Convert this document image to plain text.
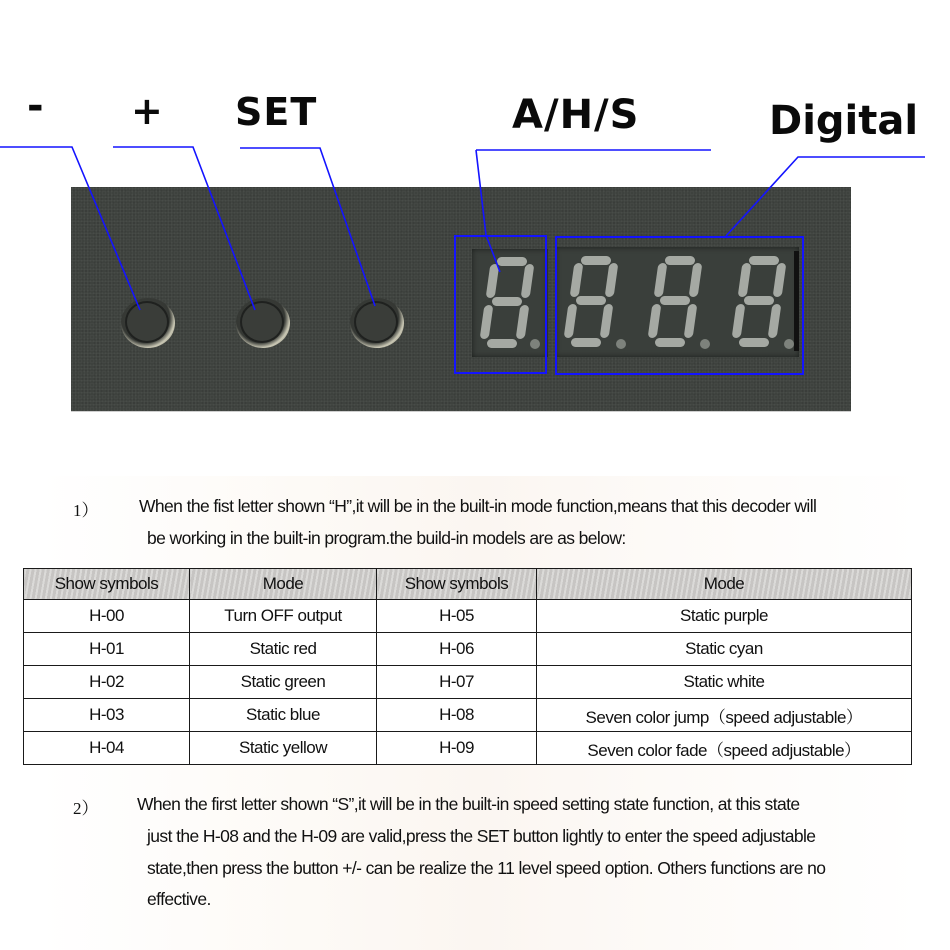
- + SET	A/H/S	Digital
1） When the fist letter shown “H”,it will be in the built-in mode function,means that this decoder will
be working in the built-in program.the build-in models are as below:
Show symbols	Mode	Show symbols	Mode
H-00	Turn OFF output	H-05	Static purple
H-01	Static red	H-06	Static cyan
H-02	Static green	H-07	Static white
H-03	Static blue	H-08	Seven color jump（speed adjustable）
H-04	Static yellow	H-09	Seven color fade（speed adjustable）
2） When the first letter shown “S”,it will be in the built-in speed setting state function, at this state
just the H-08 and the H-09 are valid,press the SET button lightly to enter the speed adjustable
state,then press the button +/- can be realize the 11 level speed option. Others functions are no
effective.
